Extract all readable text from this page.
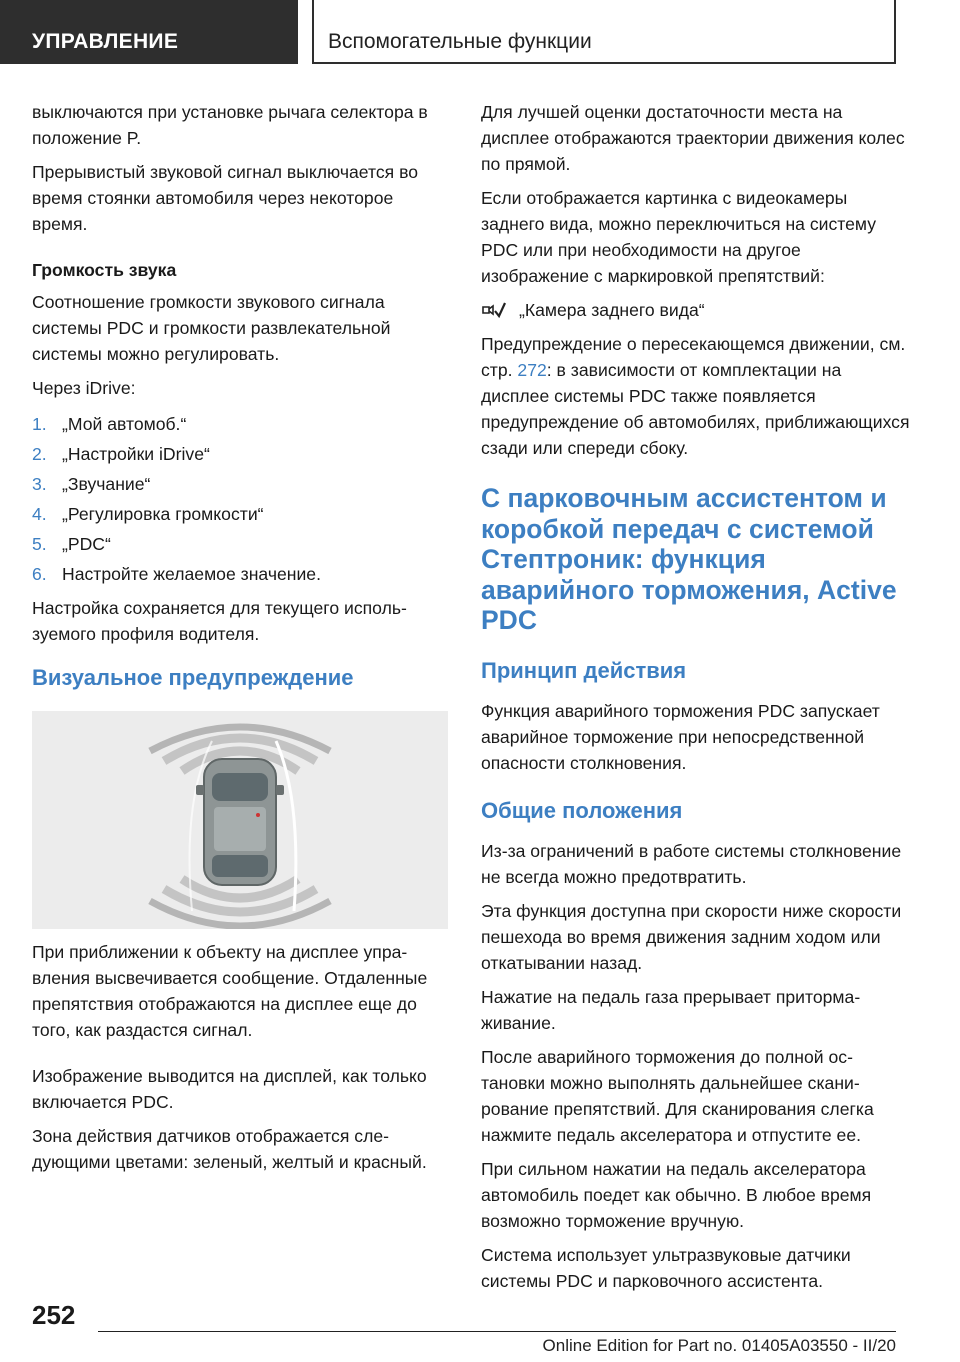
УПРАВЛЕНИЕ	Вспомогательные функции

выключаются при установке рычага селектора в положение P.

Прерывистый звуковой сигнал выключается во время стоянки автомобиля через некоторое время.

Громкость звука

Соотношение громкости звукового сигнала системы PDC и громкости развлекательной системы можно регулировать.

Через iDrive:

1. „Мой автомоб.“
2. „Настройки iDrive“
3. „Звучание“
4. „Регулировка громкости“
5. „PDC“
6. Настройте желаемое значение.

Настройка сохраняется для текущего используемого профиля водителя.

Визуальное предупреждение

При приближении к объекту на дисплее управления высвечивается сообщение. Отдаленные препятствия отображаются на дисплее еще до того, как раздастся сигнал.

Изображение выводится на дисплей, как только включается PDC.

Зона действия датчиков отображается следующими цветами: зеленый, желтый и красный.

Для лучшей оценки достаточности места на дисплее отображаются траектории движения колес по прямой.

Если отображается картинка с видеокамеры заднего вида, можно переключиться на систему PDC или при необходимости на другое изображение с маркировкой препятствий:

„Камера заднего вида“

Предупреждение о пересекающемся движении, см. стр. 272: в зависимости от комплектации на дисплее системы PDC также появляется предупреждение об автомобилях, приближающихся сзади или спереди сбоку.

С парковочным ассистентом и коробкой передач с системой Стептроник: функция аварийного торможения, Active PDC
Принцип действия

Функция аварийного торможения PDC запускает аварийное торможение при непосредственной опасности столкновения.

Общие положения

Из-за ограничений в работе системы столкновение не всегда можно предотвратить.

Эта функция доступна при скорости ниже скорости пешехода во время движения задним ходом или откатывании назад.

Нажатие на педаль газа прерывает притормаживание.

После аварийного торможения до полной остановки можно выполнять дальнейшее сканирование препятствий. Для сканирования слегка нажмите педаль акселератора и отпустите ее.

При сильном нажатии на педаль акселератора автомобиль поедет как обычно. В любое время возможно торможение вручную.

Система использует ультразвуковые датчики системы PDC и парковочного ассистента.

252
Online Edition for Part no. 01405A03550 - II/20
